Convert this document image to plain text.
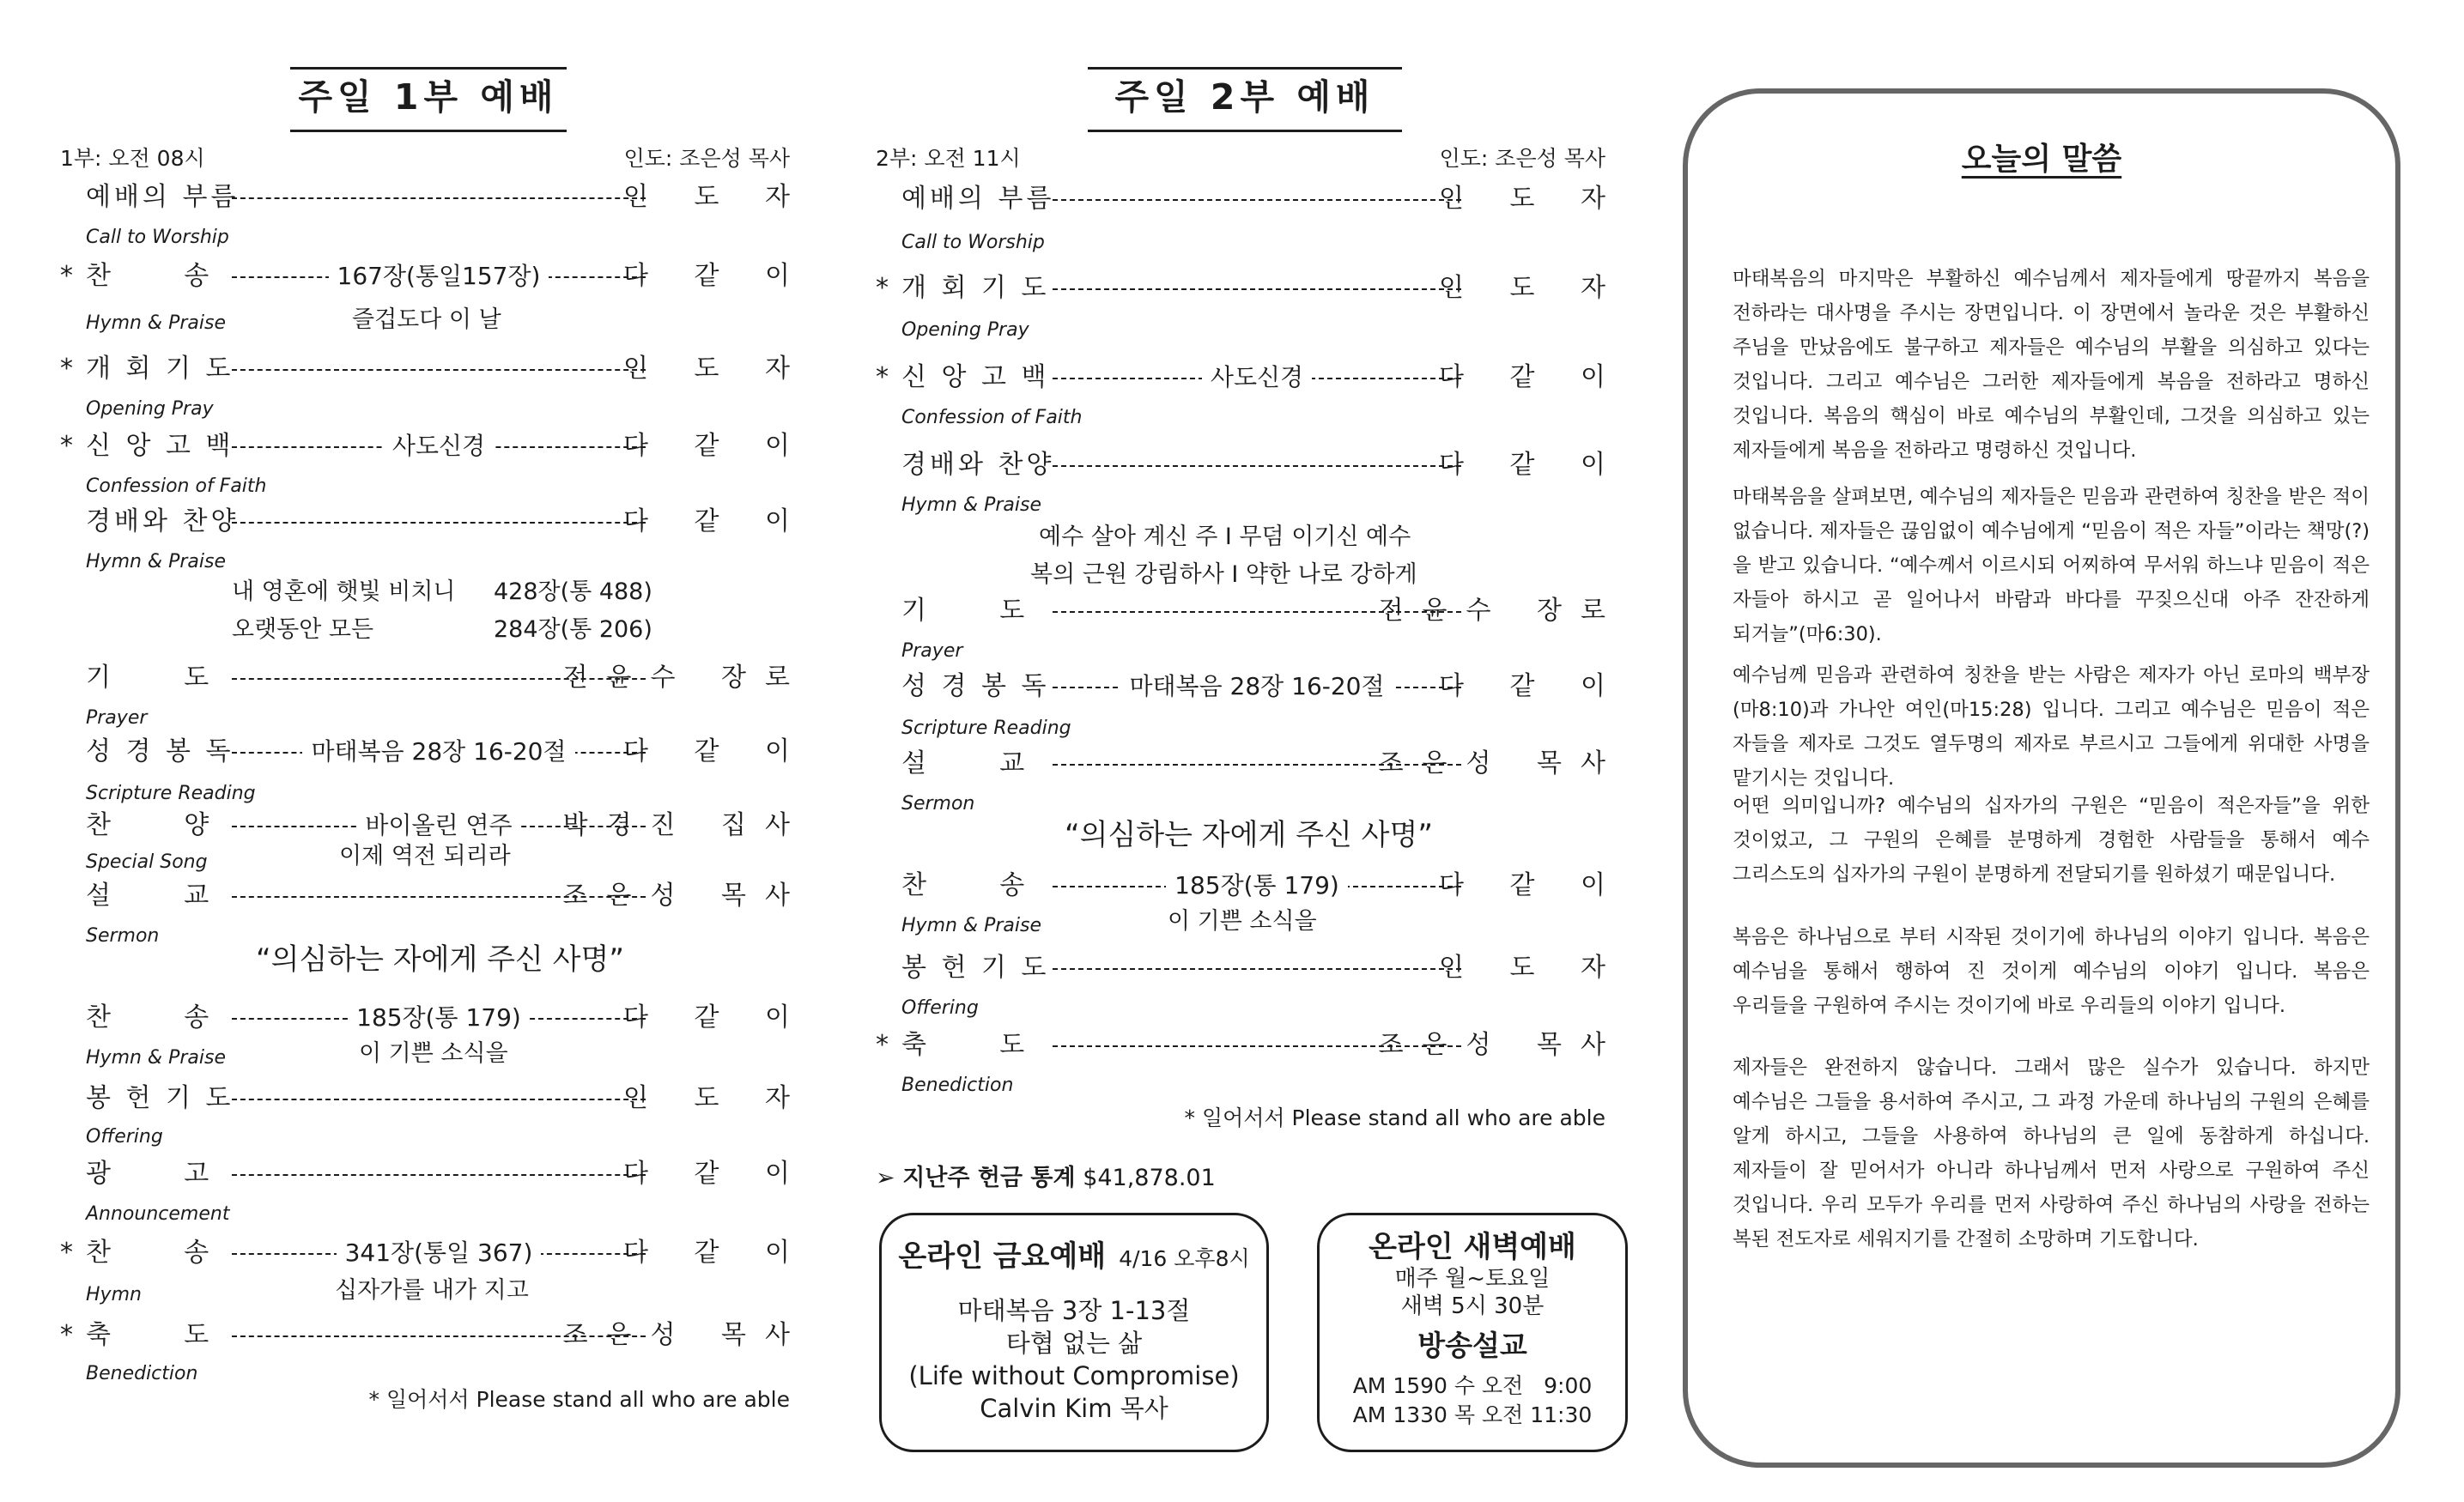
주일 1부 예배
1부: 오전 08시	인도: 조은성 목사
예배의 부름	인 도 자
Call to Worship
* 찬      송	167장(통일157장)	다 같 이
Hymn & Praise	즐겁도다 이 날
* 개 회 기 도	인 도 자
Opening Pray
* 신 앙 고 백	사도신경	다 같 이
Confession of Faith
경배와 찬양	다 같 이
Hymn & Praise
내 영혼에 햇빛 비치니 428장(통 488)
오랫동안 모든	284장(통 206)
기      도	전윤수 장로
Prayer
성 경 봉 독	마태복음 28장 16-20절	다 같 이
Scripture Reading
찬      양	바이올린 연주	박경진 집사
Special Song	이제 역전 되리라
설      교	조은성 목사
Sermon
찬      송	185장(통 179)	다 같 이
Hymn & Praise	이 기쁜 소식을
봉 헌 기 도	인 도 자
Offering
광      고	다 같 이
Announcement
* 찬      송	341장(통일 367)	다 같 이
Hymn	십자가를 내가 지고
* 축      도	조은성 목사
Benediction
“의심하는 자에게 주신 사명”
* 일어서서 Please stand all who are able
주일 2부 예배
2부: 오전 11시	인도: 조은성 목사
예배의 부름	인 도 자
Call to Worship
* 개 회 기 도	인 도 자
Opening Pray
* 신 앙 고 백	사도신경	다 같 이
Confession of Faith
경배와 찬양	다 같 이
Hymn & Praise
예수 살아 계신 주 I 무덤 이기신 예수
복의 근원 강림하사 I 약한 나로 강하게
기      도	전윤수 장로
Prayer
성 경 봉 독	마태복음 28장 16-20절	다 같 이
Scripture Reading
설      교	조은성 목사
Sermon
찬      송	185장(통 179)	다 같 이
Hymn & Praise	이 기쁜 소식을
봉 헌 기 도	인 도 자
Offering
* 축      도	조은성 목사
Benediction
“의심하는 자에게 주신 사명”
* 일어서서 Please stand all who are able
➢ 지난주 헌금 통계 $41,878.01
온라인 금요예배 4/16 오후8시
마태복음 3장 1-13절
타협 없는 삶
(Life without Compromise)
Calvin Kim 목사
온라인 새벽예배
매주 월~토요일
새벽 5시 30분
방송설교
AM 1590 수 오전   9:00
AM 1330 목 오전 11:30
오늘의 말씀
마태복음의 마지막은 부활하신 예수님께서 제자들에게 땅끝까지 복음을 전하라는 대사명을 주시는 장면입니다. 이 장면에서 놀라운 것은 부활하신 주님을 만났음에도 불구하고 제자들은 예수님의 부활을 의심하고 있다는 것입니다. 그리고 예수님은 그러한 제자들에게 복음을 전하라고 명하신 것입니다. 복음의 핵심이 바로 예수님의 부활인데, 그것을 의심하고 있는 제자들에게 복음을 전하라고 명령하신 것입니다.
마태복음을 살펴보면, 예수님의 제자들은 믿음과 관련하여 칭찬을 받은 적이 없습니다. 제자들은 끊임없이 예수님에게 “믿음이 적은 자들”이라는 책망(?)을 받고 있습니다. “예수께서 이르시되 어찌하여 무서워 하느냐 믿음이 적은 자들아 하시고 곧 일어나서 바람과 바다를 꾸짖으신대 아주 잔잔하게 되거늘”(마6:30).
예수님께 믿음과 관련하여 칭찬을 받는 사람은 제자가 아닌 로마의 백부장(마8:10)과 가나안 여인(마15:28) 입니다. 그리고 예수님은 믿음이 적은 자들을 제자로 그것도 열두명의 제자로 부르시고 그들에게 위대한 사명을 맡기시는 것입니다.
어떤 의미입니까? 예수님의 십자가의 구원은 “믿음이 적은자들”을 위한 것이었고, 그 구원의 은혜를 분명하게 경험한 사람들을 통해서 예수 그리스도의 십자가의 구원이 분명하게 전달되기를 원하셨기 때문입니다.
복음은 하나님으로 부터 시작된 것이기에 하나님의 이야기 입니다. 복음은 예수님을 통해서 행하여 진 것이게 예수님의 이야기 입니다. 복음은 우리들을 구원하여 주시는 것이기에 바로 우리들의 이야기 입니다.
제자들은 완전하지 않습니다. 그래서 많은 실수가 있습니다. 하지만 예수님은 그들을 용서하여 주시고, 그 과정 가운데 하나님의 구원의 은혜를 알게 하시고, 그들을 사용하여 하나님의 큰 일에 동참하게 하십니다. 제자들이 잘 믿어서가 아니라 하나님께서 먼저 사랑으로 구원하여 주신 것입니다. 우리 모두가 우리를 먼저 사랑하여 주신 하나님의 사랑을 전하는 복된 전도자로 세워지기를 간절히 소망하며 기도합니다.
